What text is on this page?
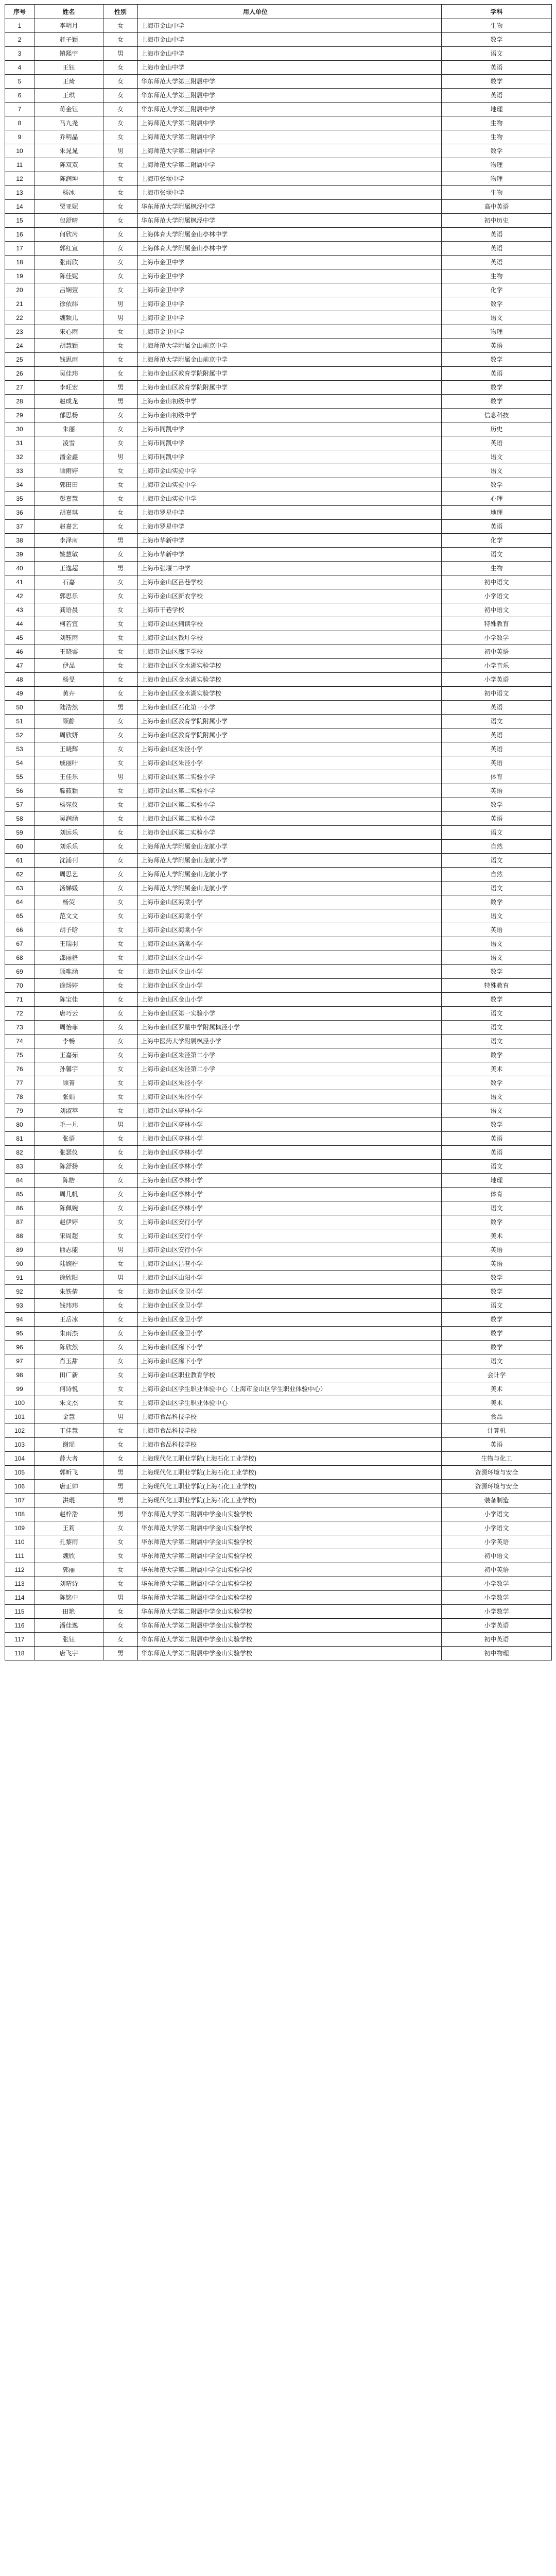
序号	姓名	性别	用人单位	学科
1	李明月	女	上海市金山中学	生物
2	赶子颖	女	上海市金山中学	数学
3	镇熙宇	男	上海市金山中学	语文
4	王钰	女	上海市金山中学	英语
5	王琦	女	华东师范大学第三附属中学	数学
6	王琪	女	华东师范大学第三附属中学	英语
7	蒋金钰	女	华东师范大学第三附属中学	地理
8	马九尧	女	上海师范大学第二附属中学	生物
9	乔明晶	女	上海师范大学第二附属中学	生物
10	朱晁晁	男	上海师范大学第二附属中学	数学
11	陈双双	女	上海师范大学第二附属中学	物理
12	陈润坤	女	上海市张堰中学	物理
13	杨冰	女	上海市张堰中学	生物
14	贾亚妮	女	华东师范大学附属枫泾中学	高中英语
15	包舒晴	女	华东师范大学附属枫泾中学	初中历史
16	何欣芮	女	上海体育大学附属金山亭林中学	英语
17	郭红宣	女	上海体育大学附属金山亭林中学	英语
18	张雨欣	女	上海市金卫中学	英语
19	陈佳妮	女	上海市金卫中学	生物
20	吕娴萱	女	上海市金卫中学	化学
21	徐依纬	男	上海市金卫中学	数学
22	魏颖儿	男	上海市金卫中学	语文
23	宋心雨	女	上海市金卫中学	物理
24	胡慧颖	女	上海师范大学附属金山前京中学	英语
25	钱思雨	女	上海师范大学附属金山前京中学	数学
26	吴佳玮	女	上海市金山区教育学院附属中学	英语
27	李旺宏	男	上海市金山区教育学院附属中学	数学
28	赵成龙	男	上海市金山初级中学	数学
29	郁思杨	女	上海市金山初级中学	信息科技
30	朱丽	女	上海市同凯中学	历史
31	凌雪	女	上海市同凯中学	英语
32	潘金鑫	男	上海市同凯中学	语文
33	顾雨婷	女	上海市金山实验中学	语文
34	郭田田	女	上海市金山实验中学	数学
35	彭嘉慧	女	上海市金山实验中学	心理
36	胡嘉琪	女	上海市罗星中学	地理
37	赵嘉艺	女	上海市罗星中学	英语
38	李泽南	男	上海市华新中学	化学
39	姚慧敏	女	上海市华新中学	语文
40	王逸超	男	上海市张堰二中学	生物
41	石嘉	女	上海市金山区吕巷学校	初中语文
42	郭思乐	女	上海市金山区新农学校	小学语文
43	龚语晨	女	上海市干巷学校	初中语文
44	柯若宜	女	上海市金山区辅读学校	特殊教育
45	刘钰雨	女	上海市金山区钱圩学校	小学数学
46	王晓睿	女	上海市金山区廊下学校	初中英语
47	伊品	女	上海市金山区金水湖实验学校	小学音乐
48	杨旻	女	上海市金山区金水湖实验学校	小学英语
49	黄卉	女	上海市金山区金水湖实验学校	初中语文
50	陆浩然	男	上海市金山区石化第一小学	英语
51	顾静	女	上海市金山区教育学院附属小学	语文
52	周欣妍	女	上海市金山区教育学院附属小学	英语
53	王晓辉	女	上海市金山区朱泾小学	英语
54	戚丽叶	女	上海市金山区朱泾小学	英语
55	王佳乐	男	上海市金山区第二实验小学	体育
56	滕筱颖	女	上海市金山区第二实验小学	英语
57	杨宛仪	女	上海市金山区第二实验小学	数学
58	吴润涵	女	上海市金山区第二实验小学	英语
59	刘远乐	女	上海市金山区第二实验小学	语文
60	刘乐乐	女	上海师范大学附属金山龙航小学	自然
61	沈浦刊	女	上海师范大学附属金山龙航小学	语文
62	周思艺	女	上海师范大学附属金山龙航小学	自然
63	汤娣媛	女	上海师范大学附属金山龙航小学	语文
64	杨荧	女	上海市金山区海棠小学	数学
65	范文文	女	上海市金山区海棠小学	语文
66	胡予晗	女	上海市金山区海棠小学	英语
67	王瑞羽	女	上海市金山区高棠小学	语文
68	邵丽格	女	上海市金山区金山小学	语文
69	顾唯涵	女	上海市金山区金山小学	数学
70	徐玚婷	女	上海市金山区金山小学	特殊教育
71	陈宝佳	女	上海市金山区金山小学	数学
72	唐巧云	女	上海市金山区第一实验小学	语文
73	周怡菲	女	上海市金山区罗星中学附属枫泾小学	语文
74	李畅	女	上海中医药大学附属枫泾小学	语文
75	王嘉茹	女	上海市金山区朱泾第二小学	数学
76	孙馨宇	女	上海市金山区朱泾第二小学	美术
77	顾菁	女	上海市金山区朱泾小学	数学
78	张娟	女	上海市金山区朱泾小学	语文
79	刘淑苹	女	上海市金山区亭林小学	语文
80	毛一凡	男	上海市金山区亭林小学	数学
81	张语	女	上海市金山区亭林小学	英语
82	张瑟仪	女	上海市金山区亭林小学	英语
83	陈舒扬	女	上海市金山区亭林小学	语文
84	陈皓	女	上海市金山区亭林小学	地理
85	周几帆	女	上海市金山区亭林小学	体育
86	陈佩婉	女	上海市金山区亭林小学	语文
87	赵伊婷	女	上海市金山区安行小学	数学
88	宋周超	女	上海市金山区安行小学	美术
89	熊志能	男	上海市金山区安行小学	英语
90	陆婉柠	女	上海市金山区吕巷小学	英语
91	徐欣阳	男	上海市金山区山阳小学	数学
92	朱铁倩	女	上海市金山区金卫小学	数学
93	钱玮玮	女	上海市金山区金卫小学	语文
94	王岳冰	女	上海市金山区金卫小学	数学
95	朱雨杰	女	上海市金山区金卫小学	数学
96	陈欣然	女	上海市金山区廊下小学	数学
97	肖玉甜	女	上海市金山区廊下小学	语文
98	田广新	女	上海市金山区职业教育学校	会计学
99	何诗悦	女	上海市金山区学生职业体验中心（上海市金山区学生职业体验中心）	美术
100	朱文杰	女	上海市金山区学生职业体验中心	美术
101	金慧	男	上海市食品科技学校	食品
102	丁佳慧	女	上海市食品科技学校	计算机
103	谢瑶	女	上海市食品科技学校	英语
104	薛大者	女	上海现代化工职业学院(上海石化工业学校)	生物与化工
105	郭昕飞	男	上海现代化工职业学院(上海石化工业学校)	资源环境与安全
106	唐正帅	男	上海现代化工职业学院(上海石化工业学校)	资源环境与安全
107	洪琨	男	上海现代化工职业学院(上海石化工业学校)	装备制造
108	赵梓浩	男	华东师范大学第二附属中学金山实验学校	小学语文
109	王莉	女	华东师范大学第二附属中学金山实验学校	小学语文
110	孔黎雨	女	华东师范大学第二附属中学金山实验学校	小学英语
111	魏欣	女	华东师范大学第二附属中学金山实验学校	初中语文
112	郭丽	女	华东师范大学第二附属中学金山实验学校	初中英语
113	刘晴诗	女	华东师范大学第二附属中学金山实验学校	小学数学
114	陈铭中	男	华东师范大学第二附属中学金山实验学校	小学数学
115	田艳	女	华东师范大学第二附属中学金山实验学校	小学数学
116	潘佳逸	女	华东师范大学第二附属中学金山实验学校	小学英语
117	张钰	女	华东师范大学第二附属中学金山实验学校	初中英语
118	唐飞宇	男	华东师范大学第二附属中学金山实验学校	初中物理
